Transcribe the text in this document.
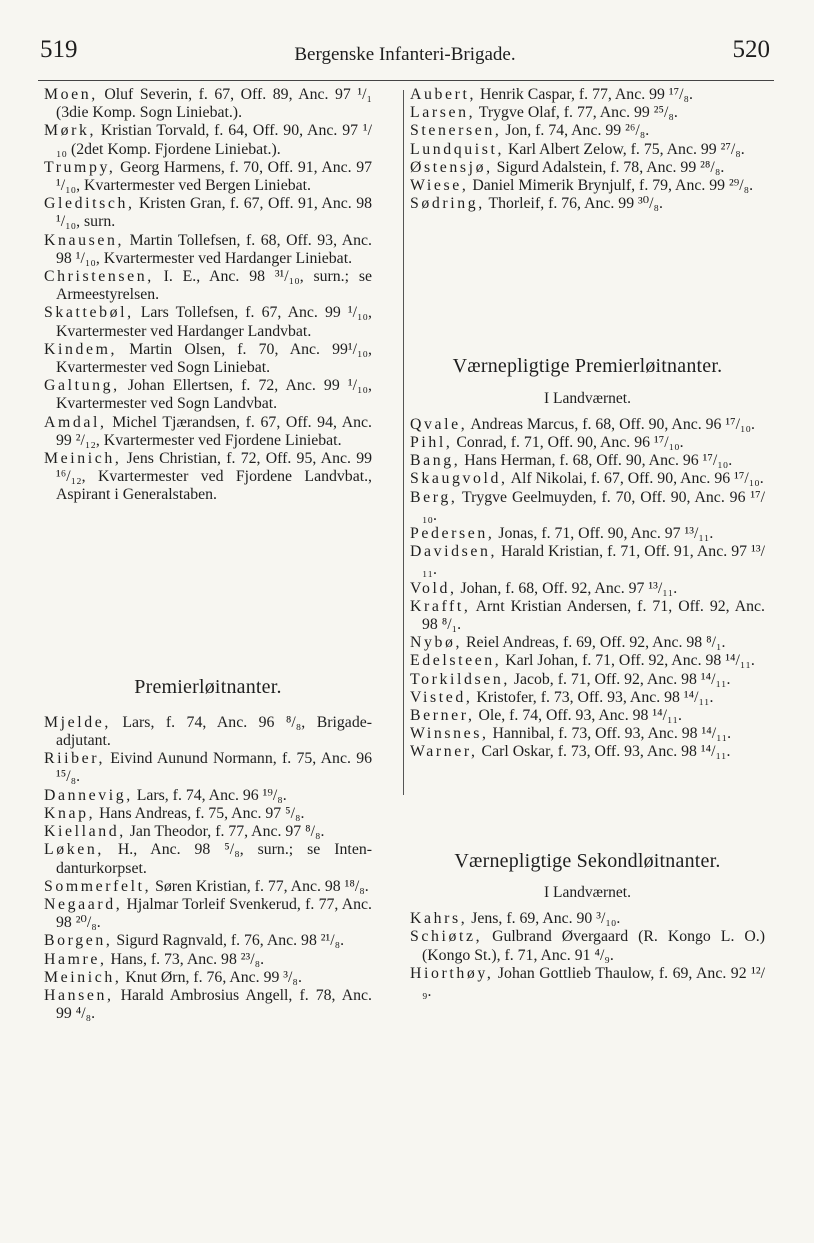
519	Bergenske Infanteri-Brigade.	520

Moen, Oluf Severin, f. 67, Off. 89, Anc. 97 ¹/₁ (3die Komp. Sogn Liniebat.).

Mørk, Kristian Torvald, f. 64, Off. 90, Anc. 97 ¹/₁₀ (2det Komp. Fjordene Liniebat.).

Trumpy, Georg Harmens, f. 70, Off. 91, Anc. 97 ¹/₁₀, Kvartermester ved Bergen Liniebat.

Gleditsch, Kristen Gran, f. 67, Off. 91, Anc. 98 ¹/₁₀, surn.

Knausen, Martin Tollefsen, f. 68, Off. 93, Anc. 98 ¹/₁₀, Kvartermester ved Hardanger Liniebat.

Christensen, I. E., Anc. 98 ³¹/₁₀, surn.; se Armeestyrelsen.

Skattebøl, Lars Tollefsen, f. 67, Anc. 99 ¹/₁₀, Kvartermester ved Hardanger Landvbat.

Kindem, Martin Olsen, f. 70, Anc. 99¹/₁₀, Kvartermester ved Sogn Liniebat.

Galtung, Johan Ellertsen, f. 72, Anc. 99 ¹/₁₀, Kvartermester ved Sogn Landvbat.

Amdal, Michel Tjærandsen, f. 67, Off. 94, Anc. 99 ²/₁₂, Kvartermester ved Fjordene Liniebat.

Meinich, Jens Christian, f. 72, Off. 95, Anc. 99 ¹⁶/₁₂, Kvartermester ved Fjordene Landvbat., Aspirant i Generalstaben.

Premierløitnanter.

Mjelde, Lars, f. 74, Anc. 96 ⁸/₈, Brigade-adjutant.

Riiber, Eivind Aunund Normann, f. 75, Anc. 96 ¹⁵/₈.

Dannevig, Lars, f. 74, Anc. 96 ¹⁹/₈.

Knap, Hans Andreas, f. 75, Anc. 97 ⁵/₈.

Kielland, Jan Theodor, f. 77, Anc. 97 ⁸/₈.

Løken, H., Anc. 98 ⁵/₈, surn.; se Inten-danturkorpset.

Sommerfelt, Søren Kristian, f. 77, Anc. 98 ¹⁸/₈.

Negaard, Hjalmar Torleif Svenkerud, f. 77, Anc. 98 ²⁰/₈.

Borgen, Sigurd Ragnvald, f. 76, Anc. 98 ²¹/₈.

Hamre, Hans, f. 73, Anc. 98 ²³/₈.

Meinich, Knut Ørn, f. 76, Anc. 99 ³/₈.

Hansen, Harald Ambrosius Angell, f. 78, Anc. 99 ⁴/₈.

Aubert, Henrik Caspar, f. 77, Anc. 99 ¹⁷/₈.

Larsen, Trygve Olaf, f. 77, Anc. 99 ²⁵/₈.

Stenersen, Jon, f. 74, Anc. 99 ²⁶/₈.

Lundquist, Karl Albert Zelow, f. 75, Anc. 99 ²⁷/₈.

Østensjø, Sigurd Adalstein, f. 78, Anc. 99 ²⁸/₈.

Wiese, Daniel Mimerik Brynjulf, f. 79, Anc. 99 ²⁹/₈.

Sødring, Thorleif, f. 76, Anc. 99 ³⁰/₈.

Værnepligtige Premierløitnanter.
I Landværnet.

Qvale, Andreas Marcus, f. 68, Off. 90, Anc. 96 ¹⁷/₁₀.

Pihl, Conrad, f. 71, Off. 90, Anc. 96 ¹⁷/₁₀.

Bang, Hans Herman, f. 68, Off. 90, Anc. 96 ¹⁷/₁₀.

Skaugvold, Alf Nikolai, f. 67, Off. 90, Anc. 96 ¹⁷/₁₀.

Berg, Trygve Geelmuyden, f. 70, Off. 90, Anc. 96 ¹⁷/₁₀.

Pedersen, Jonas, f. 71, Off. 90, Anc. 97 ¹³/₁₁.

Davidsen, Harald Kristian, f. 71, Off. 91, Anc. 97 ¹³/₁₁.

Vold, Johan, f. 68, Off. 92, Anc. 97 ¹³/₁₁.

Krafft, Arnt Kristian Andersen, f. 71, Off. 92, Anc. 98 ⁸/₁.

Nybø, Reiel Andreas, f. 69, Off. 92, Anc. 98 ⁸/₁.

Edelsteen, Karl Johan, f. 71, Off. 92, Anc. 98 ¹⁴/₁₁.

Torkildsen, Jacob, f. 71, Off. 92, Anc. 98 ¹⁴/₁₁.

Visted, Kristofer, f. 73, Off. 93, Anc. 98 ¹⁴/₁₁.

Berner, Ole, f. 74, Off. 93, Anc. 98 ¹⁴/₁₁.

Winsnes, Hannibal, f. 73, Off. 93, Anc. 98 ¹⁴/₁₁.

Warner, Carl Oskar, f. 73, Off. 93, Anc. 98 ¹⁴/₁₁.

Værnepligtige Sekondløitnanter.
I Landværnet.

Kahrs, Jens, f. 69, Anc. 90 ³/₁₀.

Schiøtz, Gulbrand Øvergaard (R. Kongo L. O.) (Kongo St.), f. 71, Anc. 91 ⁴/₉.

Hiorthøy, Johan Gottlieb Thaulow, f. 69, Anc. 92 ¹²/₉.
